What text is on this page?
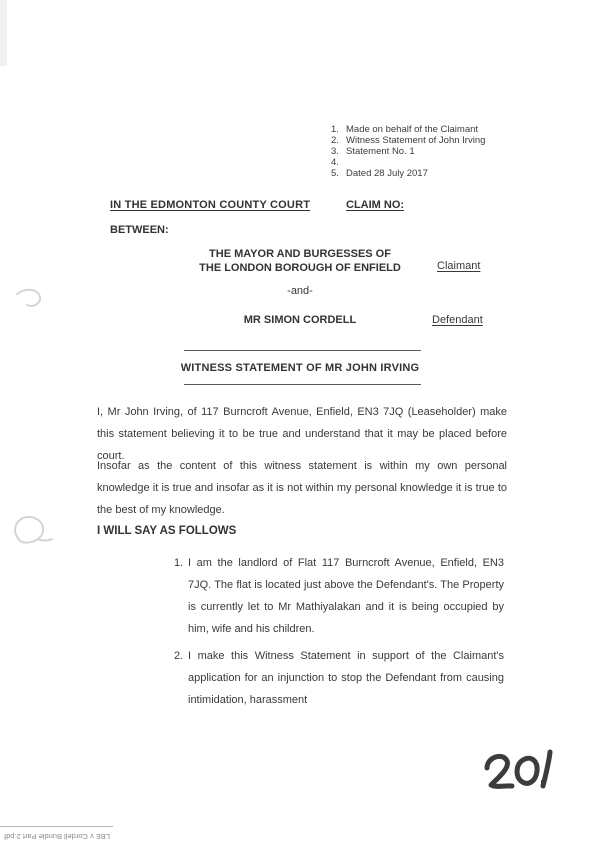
1. Made on behalf of the Claimant
2. Witness Statement of John Irving
3. Statement No. 1
4.
5. Dated 28 July 2017
IN THE EDMONTON COUNTY COURT	CLAIM NO:
BETWEEN:
THE MAYOR AND BURGESSES OF
THE LONDON BOROUGH OF ENFIELD	Claimant
-and-
MR SIMON CORDELL	Defendant
WITNESS STATEMENT OF MR JOHN IRVING
I, Mr John Irving, of 117 Burncroft Avenue, Enfield, EN3 7JQ (Leaseholder) make this statement believing it to be true and understand that it may be placed before court.
Insofar as the content of this witness statement is within my own personal knowledge it is true and insofar as it is not within my personal knowledge it is true to the best of my knowledge.
I WILL SAY AS FOLLOWS
1. I am the landlord of Flat 117 Burncroft Avenue, Enfield, EN3 7JQ. The flat is located just above the Defendant's. The Property is currently let to Mr Mathiyalakan and it is being occupied by him, wife and his children.
2. I make this Witness Statement in support of the Claimant's application for an injunction to stop the Defendant from causing intimidation, harassment
LBE v Cordell Bundle Part 2.pdf
